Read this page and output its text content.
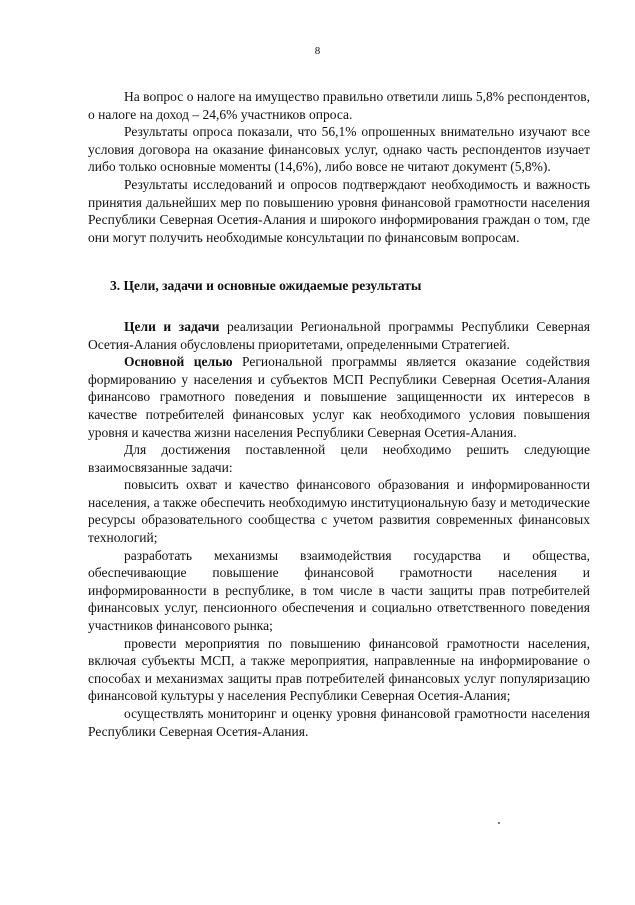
8

На вопрос о налоге на имущество правильно ответили лишь 5,8% респондентов, о налоге на доход – 24,6% участников опроса.

Результаты опроса показали, что 56,1% опрошенных внимательно изучают все условия договора на оказание финансовых услуг, однако часть респондентов изучает либо только основные моменты (14,6%), либо вовсе не читают документ (5,8%).

Результаты исследований и опросов подтверждают необходимость и важность принятия дальнейших мер по повышению уровня финансовой грамотности населения Республики Северная Осетия-Алания и широкого информирования граждан о том, где они могут получить необходимые консультации по финансовым вопросам.

3. Цели, задачи и основные ожидаемые результаты

Цели и задачи реализации Региональной программы Республики Северная Осетия-Алания обусловлены приоритетами, определенными Стратегией.

Основной целью Региональной программы является оказание содействия формированию у населения и субъектов МСП Республики Северная Осетия-Алания финансово грамотного поведения и повышение защищенности их интересов в качестве потребителей финансовых услуг как необходимого условия повышения уровня и качества жизни населения Республики Северная Осетия-Алания.

Для достижения поставленной цели необходимо решить следующие взаимосвязанные задачи:

повысить охват и качество финансового образования и информированности населения, а также обеспечить необходимую институциональную базу и методические ресурсы образовательного сообщества с учетом развития современных финансовых технологий;

разработать механизмы взаимодействия государства и общества, обеспечивающие повышение финансовой грамотности населения и информированности в республике, в том числе в части защиты прав потребителей финансовых услуг, пенсионного обеспечения и социально ответственного поведения участников финансового рынка;

провести мероприятия по повышению финансовой грамотности населения, включая субъекты МСП, а также мероприятия, направленные на информирование о способах и механизмах защиты прав потребителей финансовых услуг популяризацию финансовой культуры у населения Республики Северная Осетия-Алания;

осуществлять мониторинг и оценку уровня финансовой грамотности населения Республики Северная Осетия-Алания.
